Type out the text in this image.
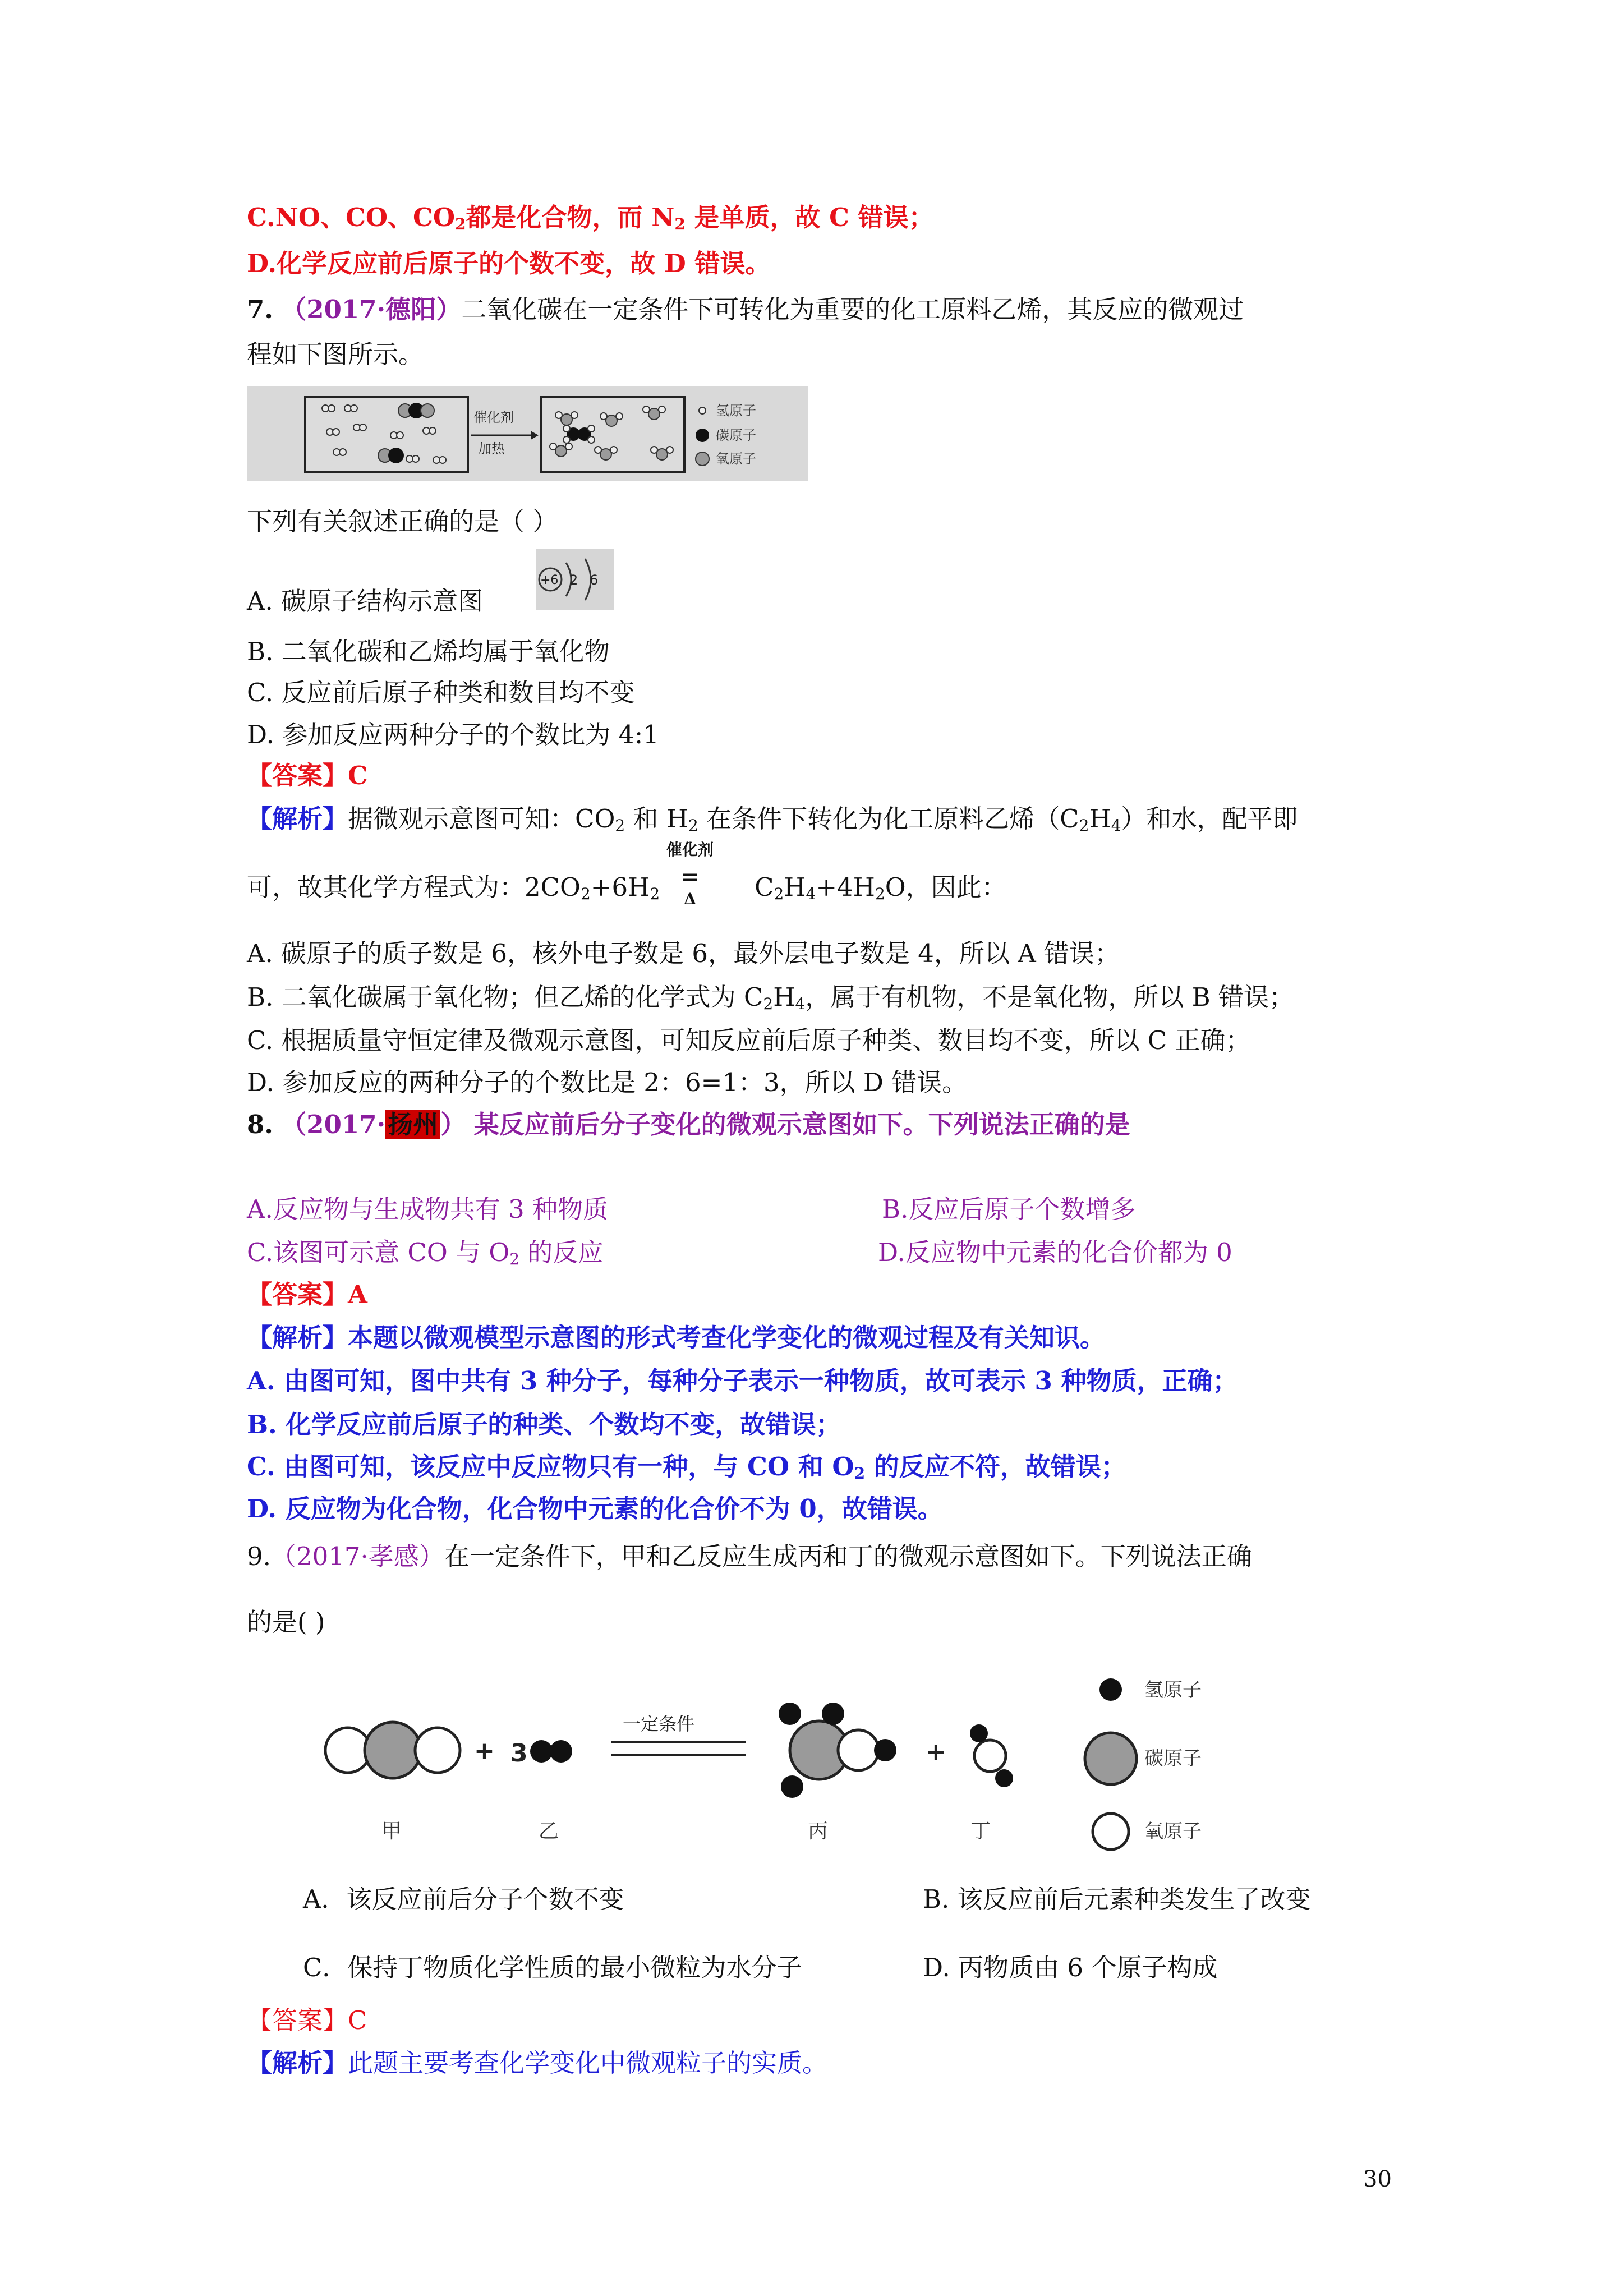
C.NO、CO、$CO_2$都是化合物，而 $N_2$ 是单质，故 C 错误；
D.化学反应前后原子的个数不变，故 D 错误。
7. （2017·德阳）二氧化碳在一定条件下可转化为重要的化工原料乙烯，其反应的微观过
程如下图所示。
催化剂
加热
氢原子
碳原子
氧原子
下列有关叙述正确的是（ ）
A. 碳原子结构示意图
+6 2 6
B. 二氧化碳和乙烯均属于氧化物
C. 反应前后原子种类和数目均不变
D. 参加反应两种分子的个数比为 4:1
【答案】C
【解析】据微观示意图可知：$CO_2$ 和 $H_2$ 在条件下转化为化工原料乙烯$(C_2H_4)$和水，配平即
可，故其化学方程式为：$2CO_2+6H_2$
催化剂
=
Δ	$C_2H_4+4H_2O$，因此：
A. 碳原子的质子数是 6，核外电子数是 6，最外层电子数是 4，所以 A 错误；
B. 二氧化碳属于氧化物；但乙烯的化学式为 $C_2H_4$，属于有机物，不是氧化物，所以 B 错误；
C. 根据质量守恒定律及微观示意图，可知反应前后原子种类、数目均不变，所以 C 正确；
D. 参加反应的两种分子的个数比是 2：6=1：3，所以 D 错误。
8. （2017·扬州） 某反应前后分子变化的微观示意图如下。下列说法正确的是
A.反应物与生成物共有 3 种物质	B.反应后原子个数增多
C.该图可示意 CO 与 $O_2$ 的反应	D.反应物中元素的化合价都为 0
【答案】A
【解析】本题以微观模型示意图的形式考查化学变化的微观过程及有关知识。
A. 由图可知，图中共有 3 种分子，每种分子表示一种物质，故可表示 3 种物质，正确；
B. 化学反应前后原子的种类、个数均不变，故错误；
C. 由图可知，该反应中反应物只有一种，与 CO 和 $O_2$ 的反应不符，故错误；
D. 反应物为化合物，化合物中元素的化合价不为 0，故错误。
9.（2017·孝感）在一定条件下，甲和乙反应生成丙和丁的微观示意图如下。下列说法正确
的是( )
+ 3
一定条件
+
甲	乙	丙	丁
氢原子
碳原子
氧原子
A．该反应前后分子个数不变	B. 该反应前后元素种类发生了改变
C．保持丁物质化学性质的最小微粒为水分子	D. 丙物质由 6 个原子构成
【答案】C
【解析】此题主要考查化学变化中微观粒子的实质。
30
